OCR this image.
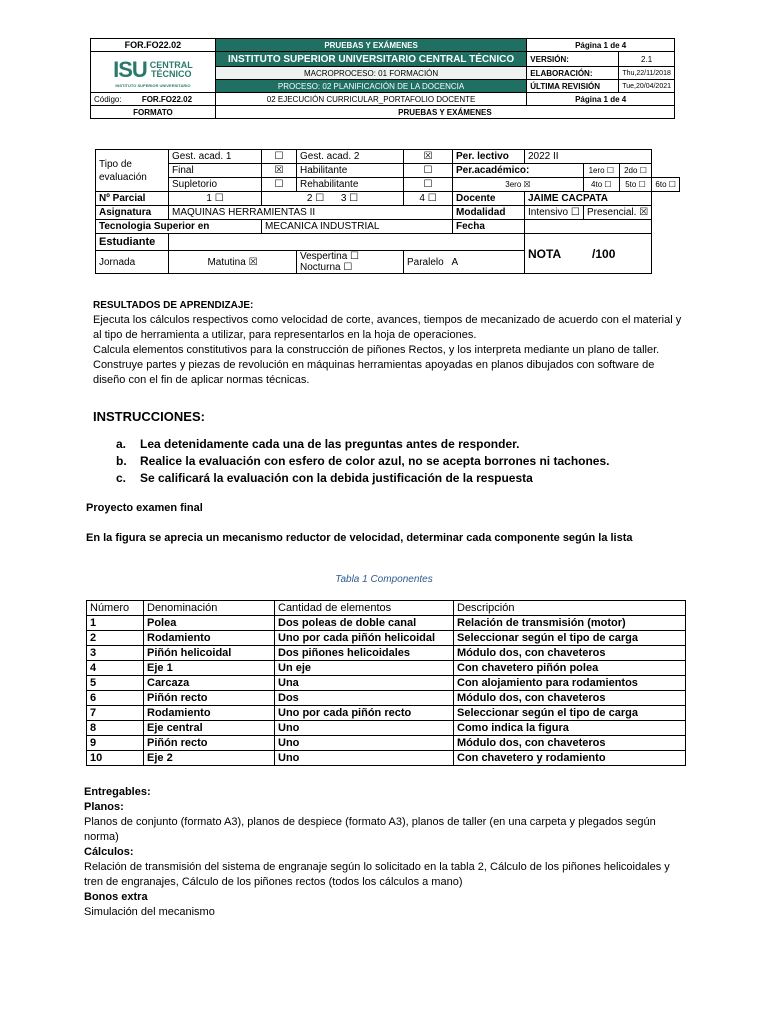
FOR.FO22.02	PRUEBAS Y EXÁMENES	Página 1 de 4	

ISU CENTRAL
TÉCNICO
INSTITUTO SUPERIOR UNIVERSITARIO	INSTITUTO SUPERIOR UNIVERSITARIO CENTRAL TÉCNICO	VERSIÓN:	2.1
	MACROPROCESO: 01 FORMACIÓN	ELABORACIÓN:	Thu,22/11/2018
	PROCESO: 02 PLANIFICACIÓN DE LA DOCENCIA	ÚLTIMA REVISIÓN	Tue,20/04/2021
Código: FOR.FO22.02	02 EJECUCIÓN CURRICULAR_PORTAFOLIO DOCENTE	Página 1 de 4	
FORMATO	PRUEBAS Y EXÁMENES		
Tipo de evaluación	Gest. acad. 1	☐	Gest. acad. 2	☒	Per. lectivo	2022 II			
	Final	☒	Habilitante	☐	Per.académico:		1ero ☐	2do ☐	
	Supletorio	☐	Rehabilitante	☐	3ero ☒		4to ☐	5to ☐	6to ☐
Nº Parcial	1 ☐	2 ☐ 3 ☐		4 ☐	Docente	JAIME CACPATA			
Asignatura	MAQUINAS HERRAMIENTAS II				Modalidad	Intensivo ☐	Presencial. ☒		
Tecnologia Superior en		MECANICA INDUSTRIAL			Fecha				
Estudiante						NOTA /100			
Jornada	Matutina ☒		Vespertina ☐   Nocturna ☐	Paralelo A					
RESULTADOS DE APRENDIZAJE:
Ejecuta los cálculos respectivos como velocidad de corte, avances, tiempos de mecanizado de acuerdo con el material y al tipo de herramienta a utilizar, para representarlos en la hoja de operaciones.
Calcula elementos constitutivos para la construcción de piñones Rectos, y los interpreta mediante un plano de taller.
Construye partes y piezas de revolución en máquinas herramientas apoyadas en planos dibujados con software de diseño con el fin de aplicar normas técnicas.
INSTRUCCIONES:
a.	Lea detenidamente cada una de las preguntas antes de responder.
b.	Realice la evaluación con esfero de color azul, no se acepta borrones ni tachones.
c.	Se calificará la evaluación con la debida justificación de la respuesta
Proyecto examen final
En la figura se aprecia un mecanismo reductor de velocidad, determinar cada componente según la lista
Tabla 1 Componentes
Número	Denominación	Cantidad de elementos	Descripción
1	Polea	Dos poleas de doble canal	Relación de transmisión (motor)
2	Rodamiento	Uno por cada piñón helicoidal	Seleccionar según el tipo de carga
3	Piñón helicoidal	Dos piñones helicoidales	Módulo dos, con chaveteros
4	Eje 1	Un eje	Con chavetero piñón polea
5	Carcaza	Una	Con alojamiento para rodamientos
6	Piñón recto	Dos	Módulo dos, con chaveteros
7	Rodamiento	Uno por cada piñón recto	Seleccionar según el tipo de carga
8	Eje central	Uno	Como indica la figura
9	Piñón recto	Uno	Módulo dos, con chaveteros
10	Eje 2	Uno	Con chavetero y rodamiento
Entregables:
Planos:
Planos de conjunto (formato A3), planos de despiece (formato A3), planos de taller (en una carpeta y plegados según norma)
Cálculos:
Relación de transmisión del sistema de engranaje según lo solicitado en la tabla 2, Cálculo de los piñones helicoidales y tren de engranajes, Cálculo de los piñones rectos (todos los cálculos a mano)
Bonos extra
Simulación del mecanismo
